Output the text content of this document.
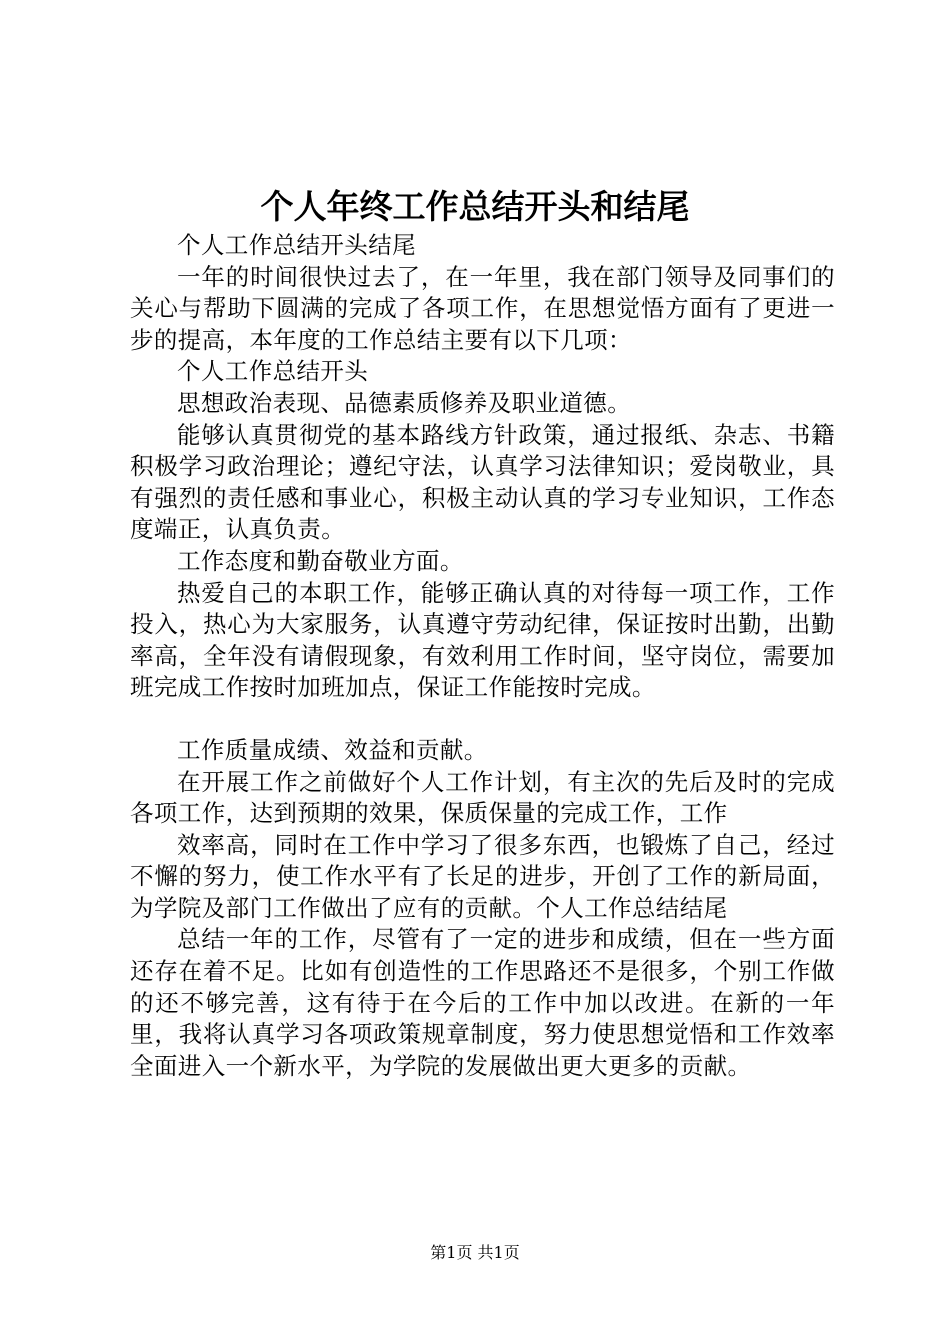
个人年终工作总结开头和结尾

个人工作总结开头结尾

一年的时间很快过去了，在一年里，我在部门领导及同事们的关心与帮助下圆满的完成了各项工作，在思想觉悟方面有了更进一步的提高，本年度的工作总结主要有以下几项：

个人工作总结开头

思想政治表现、品德素质修养及职业道德。

能够认真贯彻党的基本路线方针政策，通过报纸、杂志、书籍积极学习政治理论；遵纪守法，认真学习法律知识；爱岗敬业，具有强烈的责任感和事业心，积极主动认真的学习专业知识，工作态度端正，认真负责。

工作态度和勤奋敬业方面。

热爱自己的本职工作，能够正确认真的对待每一项工作，工作投入，热心为大家服务，认真遵守劳动纪律，保证按时出勤，出勤率高，全年没有请假现象，有效利用工作时间，坚守岗位，需要加班完成工作按时加班加点，保证工作能按时完成。

工作质量成绩、效益和贡献。

在开展工作之前做好个人工作计划，有主次的先后及时的完成各项工作，达到预期的效果，保质保量的完成工作，工作

效率高，同时在工作中学习了很多东西，也锻炼了自己，经过不懈的努力，使工作水平有了长足的进步，开创了工作的新局面，为学院及部门工作做出了应有的贡献。个人工作总结结尾

总结一年的工作，尽管有了一定的进步和成绩，但在一些方面还存在着不足。比如有创造性的工作思路还不是很多，个别工作做的还不够完善，这有待于在今后的工作中加以改进。在新的一年里，我将认真学习各项政策规章制度，努力使思想觉悟和工作效率全面进入一个新水平，为学院的发展做出更大更多的贡献。

第1页 共1页
